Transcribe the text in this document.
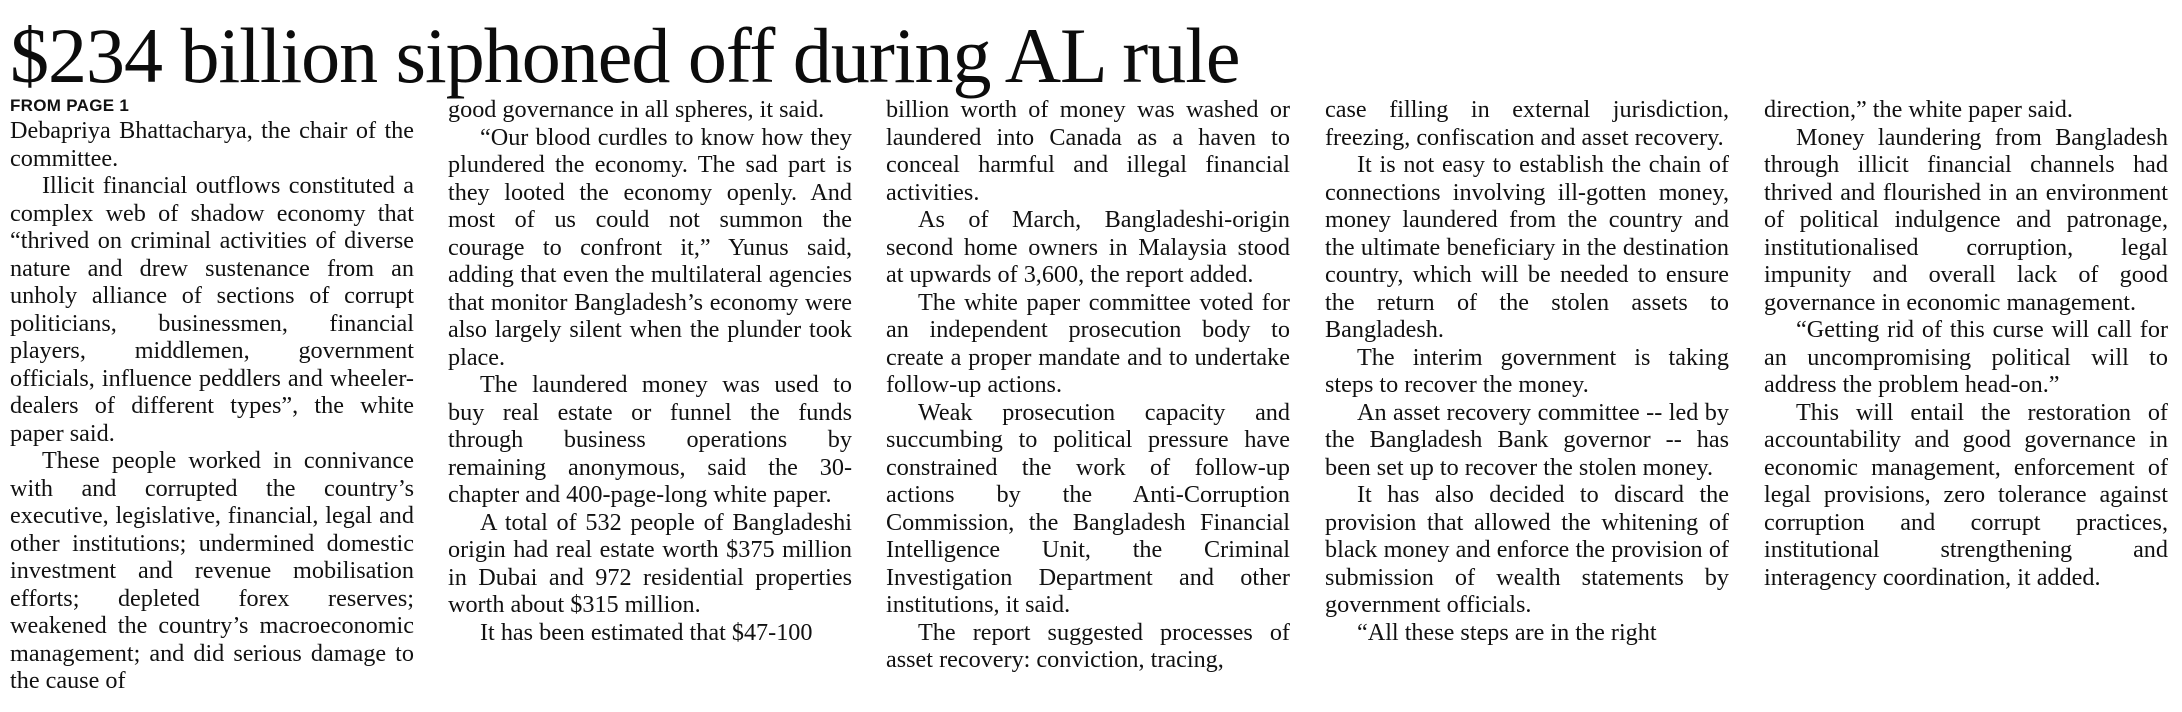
$234 billion siphoned off during AL rule
FROM PAGE 1

Debapriya Bhattacharya, the chair of the committee.

Illicit financial outflows constituted a complex web of shadow economy that “thrived on criminal activities of diverse nature and drew sustenance from an unholy alliance of sections of corrupt politicians, businessmen, financial players, middlemen, government officials, influence peddlers and wheeler-dealers of different types”, the white paper said.

These people worked in connivance with and corrupted the country’s executive, legislative, financial, legal and other institutions; undermined domestic investment and revenue mobilisation efforts; depleted forex reserves; weakened the country’s macroeconomic management; and did serious damage to the cause of

good governance in all spheres, it said.

“Our blood curdles to know how they plundered the economy. The sad part is they looted the economy openly. And most of us could not summon the courage to confront it,” Yunus said, adding that even the multilateral agencies that monitor Bangladesh’s economy were also largely silent when the plunder took place.

The laundered money was used to buy real estate or funnel the funds through business operations by remaining anonymous, said the 30-chapter and 400-page-long white paper.

A total of 532 people of Bangladeshi origin had real estate worth $375 million in Dubai and 972 residential properties worth about $315 million.

It has been estimated that $47-100

billion worth of money was washed or laundered into Canada as a haven to conceal harmful and illegal financial activities.

As of March, Bangladeshi-origin second home owners in Malaysia stood at upwards of 3,600, the report added.

The white paper committee voted for an independent prosecution body to create a proper mandate and to undertake follow-up actions.

Weak prosecution capacity and succumbing to political pressure have constrained the work of follow-up actions by the Anti-Corruption Commission, the Bangladesh Financial Intelligence Unit, the Criminal Investigation Department and other institutions, it said.

The report suggested processes of asset recovery: conviction, tracing,

case filling in external jurisdiction, freezing, confiscation and asset recovery.

It is not easy to establish the chain of connections involving ill-gotten money, money laundered from the country and the ultimate beneficiary in the destination country, which will be needed to ensure the return of the stolen assets to Bangladesh.

The interim government is taking steps to recover the money.

An asset recovery committee -- led by the Bangladesh Bank governor -- has been set up to recover the stolen money.

It has also decided to discard the provision that allowed the whitening of black money and enforce the provision of submission of wealth statements by government officials.

“All these steps are in the right

direction,” the white paper said.

Money laundering from Bangladesh through illicit financial channels had thrived and flourished in an environment of political indulgence and patronage, institutionalised corruption, legal impunity and overall lack of good governance in economic management.

“Getting rid of this curse will call for an uncompromising political will to address the problem head-on.”

This will entail the restoration of accountability and good governance in economic management, enforcement of legal provisions, zero tolerance against corruption and corrupt practices, institutional strengthening and interagency coordination, it added.
